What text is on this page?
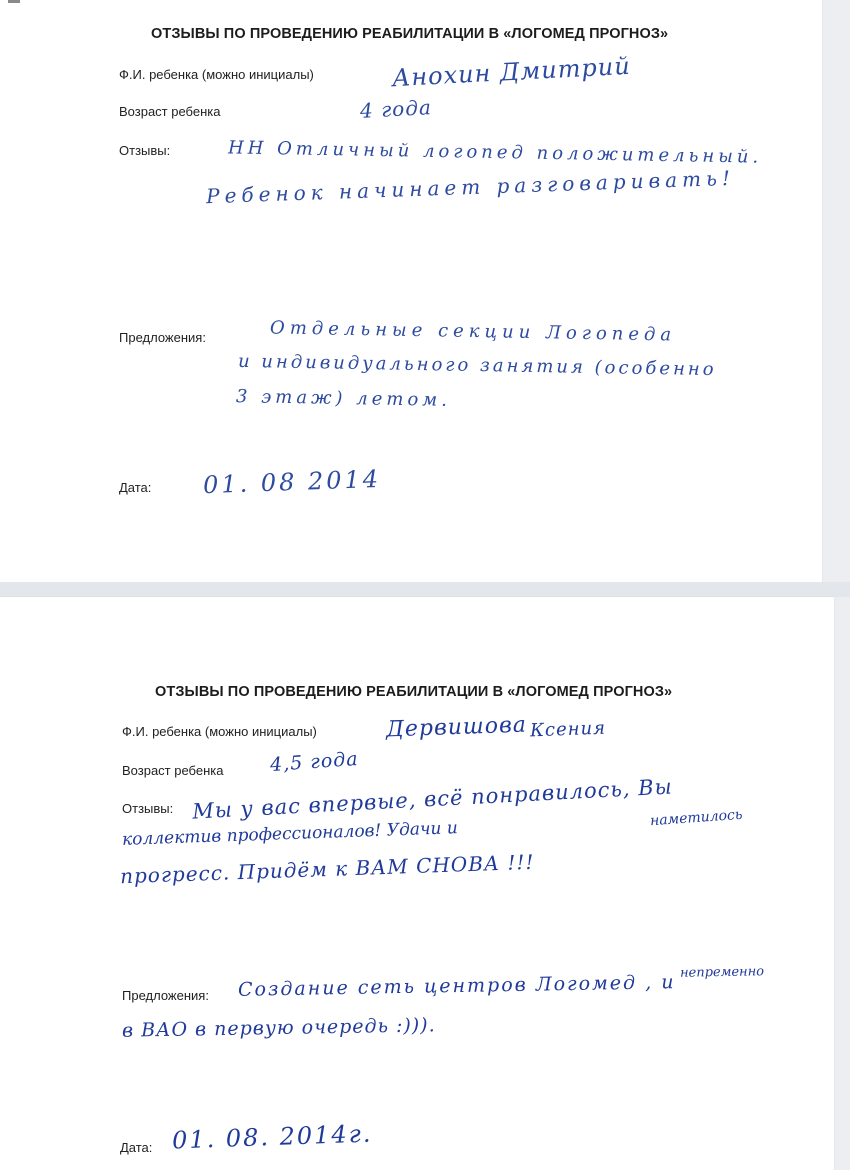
ОТЗЫВЫ ПО ПРОВЕДЕНИЮ РЕАБИЛИТАЦИИ В «ЛОГОМЕД ПРОГНОЗ»
Ф.И. ребенка (можно инициалы)	Анохин Дмитрий
Возраст ребенка	4 года
Отзывы:	НН Отличный логопед положительный.
Ребенок начинает разговаривать!
Предложения:	Отдельные секции Логопеда
и индивидуального занятия (особенно
3 этаж) летом.
Дата: 01. 08 2014
ОТЗЫВЫ ПО ПРОВЕДЕНИЮ РЕАБИЛИТАЦИИ В «ЛОГОМЕД ПРОГНОЗ»
Ф.И. ребенка (можно инициалы)	Дервишова Ксения
Возраст ребенка 4,5 года
Отзывы: Мы у вас впервые, всё понравилось, Вы
коллектив профессионалов! Удачи и
наметилось
прогресс. Придём к ВАМ СНОВА !!!
Предложения: Создание сеть центров Логомед , и непременно
в ВАО в первую очередь :))).
Дата: 01. 08. 2014г.
